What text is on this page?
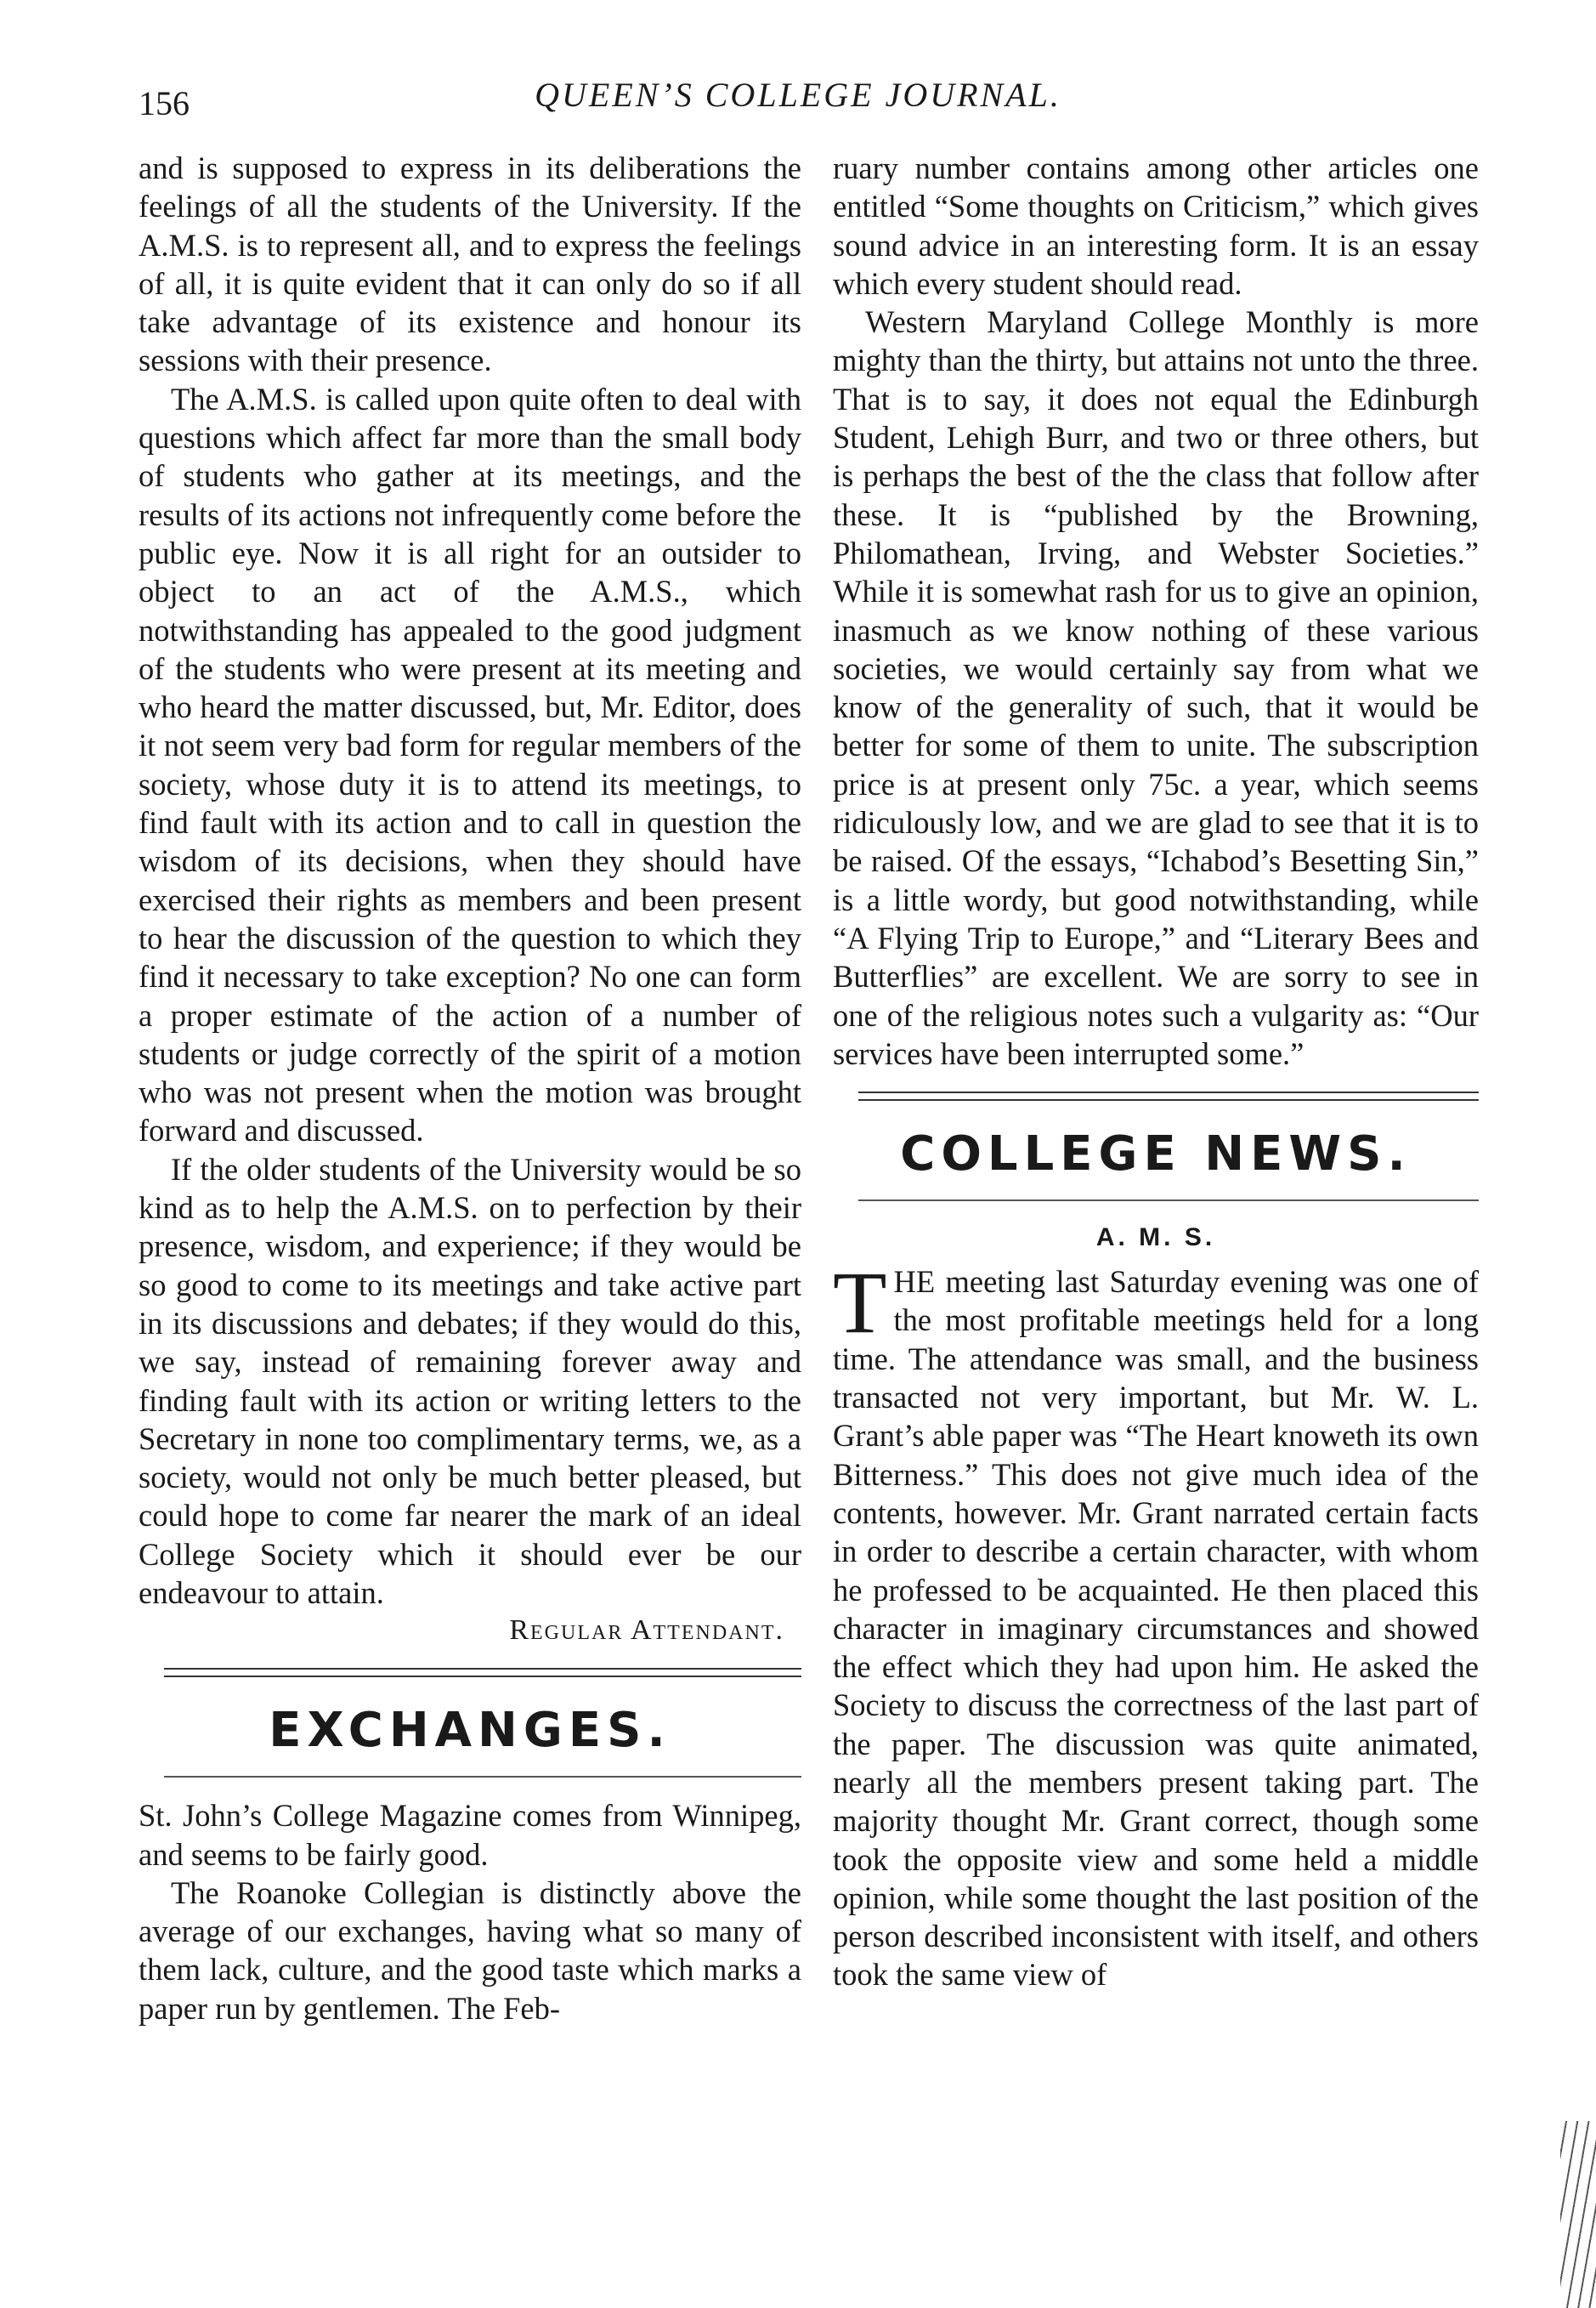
156	QUEEN’S COLLEGE JOURNAL.

and is supposed to express in its deliberations the feelings of all the students of the University. If the A.M.S. is to represent all, and to express the feelings of all, it is quite evident that it can only do so if all take advantage of its existence and honour its sessions with their presence.

The A.M.S. is called upon quite often to deal with questions which affect far more than the small body of students who gather at its meetings, and the results of its actions not infrequently come before the public eye. Now it is all right for an outsider to object to an act of the A.M.S., which notwithstanding has appealed to the good judgment of the students who were present at its meeting and who heard the matter discussed, but, Mr. Editor, does it not seem very bad form for regular members of the society, whose duty it is to attend its meetings, to find fault with its action and to call in question the wisdom of its decisions, when they should have exercised their rights as members and been present to hear the discussion of the question to which they find it necessary to take exception? No one can form a proper estimate of the action of a number of students or judge correctly of the spirit of a motion who was not present when the motion was brought forward and discussed.

If the older students of the University would be so kind as to help the A.M.S. on to perfection by their presence, wisdom, and experience; if they would be so good to come to its meetings and take active part in its discussions and debates; if they would do this, we say, instead of remaining forever away and finding fault with its action or writing letters to the Secretary in none too complimentary terms, we, as a society, would not only be much better pleased, but could hope to come far nearer the mark of an ideal College Society which it should ever be our endeavour to attain.

Regular Attendant.
EXCHANGES.

St. John’s College Magazine comes from Winnipeg, and seems to be fairly good.

The Roanoke Collegian is distinctly above the average of our exchanges, having what so many of them lack, culture, and the good taste which marks a paper run by gentlemen. The Feb-

ruary number contains among other articles one entitled “Some thoughts on Criticism,” which gives sound advice in an interesting form. It is an essay which every student should read.

Western Maryland College Monthly is more mighty than the thirty, but attains not unto the three. That is to say, it does not equal the Edinburgh Student, Lehigh Burr, and two or three others, but is perhaps the best of the the class that follow after these. It is “published by the Browning, Philomathean, Irving, and Webster Societies.” While it is somewhat rash for us to give an opinion, inasmuch as we know nothing of these various societies, we would certainly say from what we know of the generality of such, that it would be better for some of them to unite. The subscription price is at present only 75c. a year, which seems ridiculously low, and we are glad to see that it is to be raised. Of the essays, “Ichabod’s Besetting Sin,” is a little wordy, but good notwithstanding, while “A Flying Trip to Europe,” and “Literary Bees and Butterflies” are excellent. We are sorry to see in one of the religious notes such a vulgarity as: “Our services have been interrupted some.”

COLLEGE NEWS.
A. M. S.

THE meeting last Saturday evening was one of the most profitable meetings held for a long time. The attendance was small, and the business transacted not very important, but Mr. W. L. Grant’s able paper was “The Heart knoweth its own Bitterness.” This does not give much idea of the contents, however. Mr. Grant narrated certain facts in order to describe a certain character, with whom he professed to be acquainted. He then placed this character in imaginary circumstances and showed the effect which they had upon him. He asked the Society to discuss the correctness of the last part of the paper. The discussion was quite animated, nearly all the members present taking part. The majority thought Mr. Grant correct, though some took the opposite view and some held a middle opinion, while some thought the last position of the person described inconsistent with itself, and others took the same view of
